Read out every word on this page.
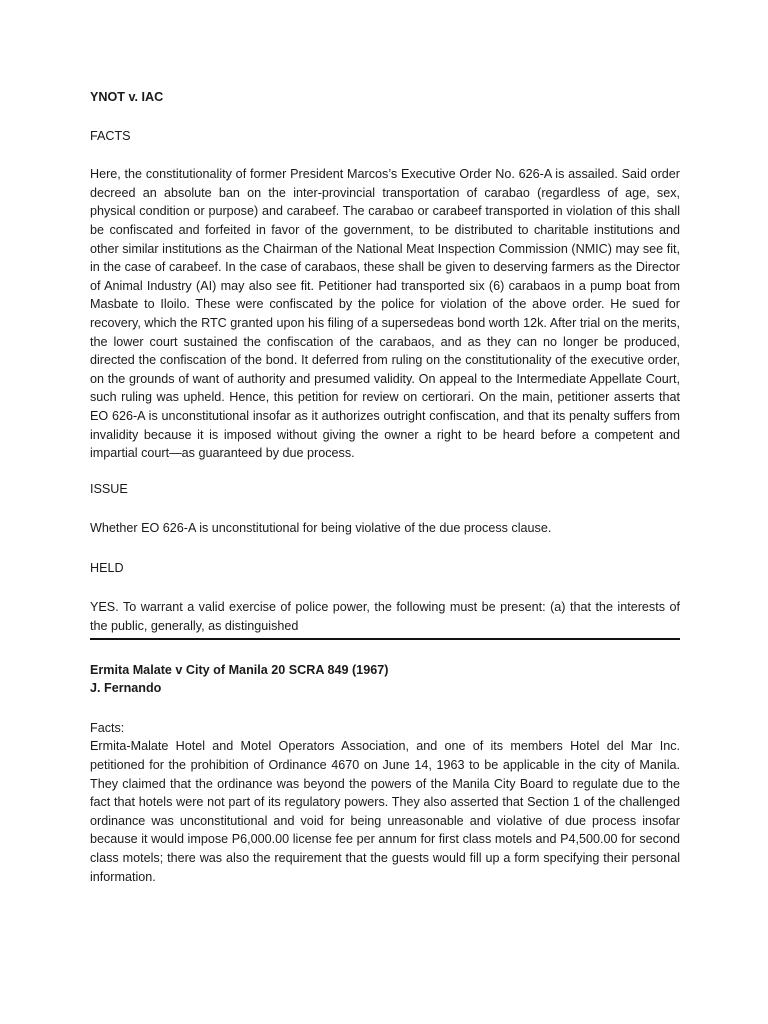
YNOT v. IAC
FACTS

Here, the constitutionality of former President Marcos’s Executive Order No. 626-A is assailed. Said order decreed an absolute ban on the inter-provincial transportation of carabao (regardless of age, sex, physical condition or purpose) and carabeef. The carabao or carabeef transported in violation of this shall be confiscated and forfeited in favor of the government, to be distributed to charitable institutions and other similar institutions as the Chairman of the National Meat Inspection Commission (NMIC) may see fit, in the case of carabeef. In the case of carabaos, these shall be given to deserving farmers as the Director of Animal Industry (AI) may also see fit. Petitioner had transported six (6) carabaos in a pump boat from Masbate to Iloilo. These were confiscated by the police for violation of the above order. He sued for recovery, which the RTC granted upon his filing of a supersedeas bond worth 12k. After trial on the merits, the lower court sustained the confiscation of the carabaos, and as they can no longer be produced, directed the confiscation of the bond. It deferred from ruling on the constitutionality of the executive order, on the grounds of want of authority and presumed validity. On appeal to the Intermediate Appellate Court, such ruling was upheld. Hence, this petition for review on certiorari. On the main, petitioner asserts that EO 626-A is unconstitutional insofar as it authorizes outright confiscation, and that its penalty suffers from invalidity because it is imposed without giving the owner a right to be heard before a competent and impartial court—as guaranteed by due process.

ISSUE

Whether EO 626-A is unconstitutional for being violative of the due process clause.

HELD

YES. To warrant a valid exercise of police power, the following must be present: (a) that the interests of the public, generally, as distinguished

Ermita Malate v City of Manila 20 SCRA 849 (1967)
J. Fernando
Facts:

Ermita-Malate Hotel and Motel Operators Association, and one of its members Hotel del Mar Inc. petitioned for the prohibition of Ordinance 4670 on June 14, 1963 to be applicable in the city of Manila. They claimed that the ordinance was beyond the powers of the Manila City Board to regulate due to the fact that hotels were not part of its regulatory powers. They also asserted that Section 1 of the challenged ordinance was unconstitutional and void for being unreasonable and violative of due process insofar because it would impose P6,000.00 license fee per annum for first class motels and P4,500.00 for second class motels; there was also the requirement that the guests would fill up a form specifying their personal information.
